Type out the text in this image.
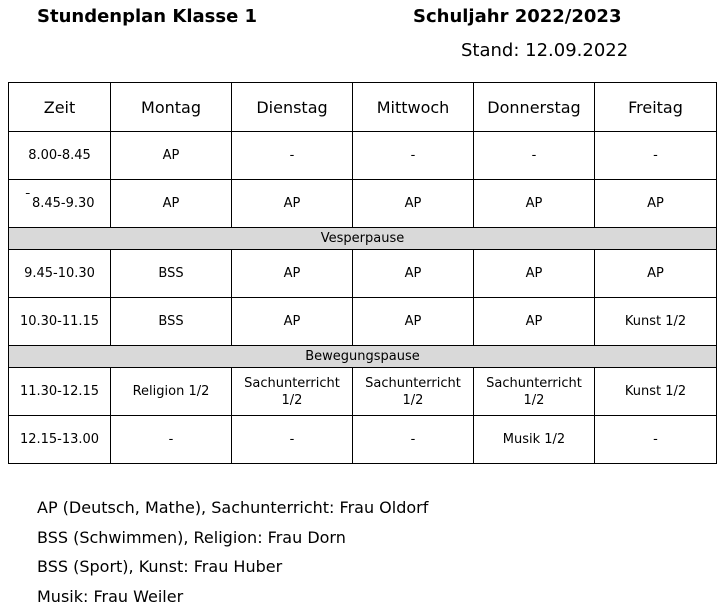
Stundenplan Klasse 1	Schuljahr 2022/2023
Stand: 12.09.2022
Zeit	Montag	Dienstag	Mittwoch	Donnerstag	Freitag
8.00-8.45	AP	-	-	-	-
¯8.45-9.30	AP	AP	AP	AP	AP
Vesperpause					
9.45-10.30	BSS	AP	AP	AP	AP
10.30-11.15	BSS	AP	AP	AP	Kunst 1/2
Bewegungspause					
11.30-12.15	Religion 1/2	Sachunterricht 1/2	Sachunterricht 1/2	Sachunterricht 1/2	Kunst 1/2
12.15-13.00	-	-	-	Musik 1/2	-
AP (Deutsch, Mathe), Sachunterricht: Frau Oldorf
BSS (Schwimmen), Religion: Frau Dorn
BSS (Sport), Kunst: Frau Huber
Musik: Frau Weiler
